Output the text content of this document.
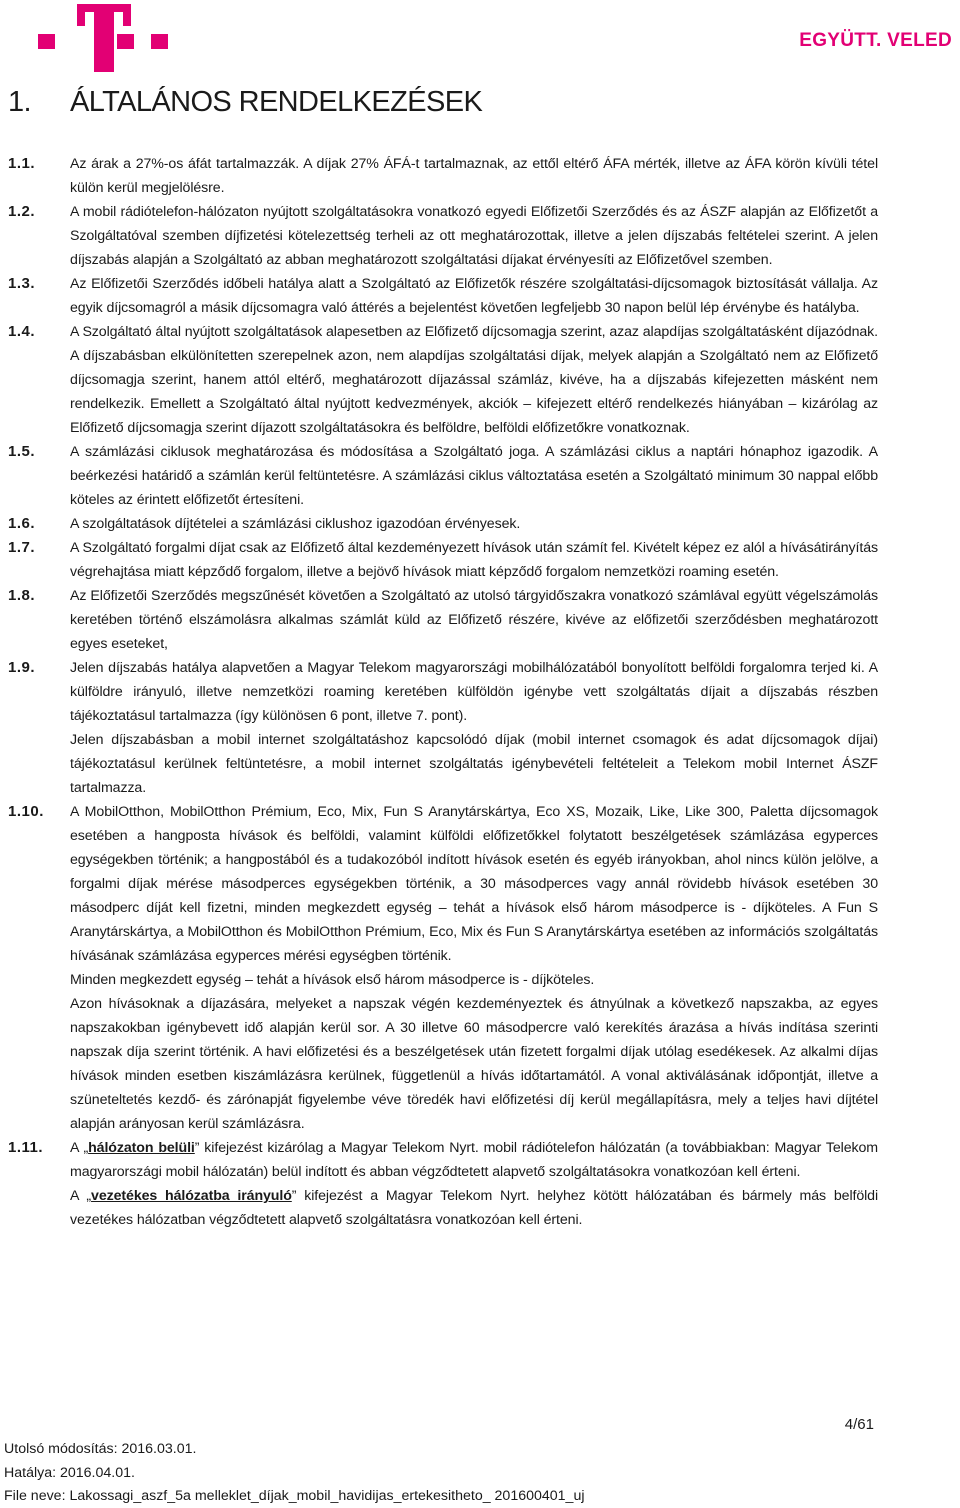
EGYÜTT. VELED
1. ÁLTALÁNOS RENDELKEZÉSEK
1.1.	Az árak a 27%-os áfát tartalmazzák. A díjak 27% ÁFÁ-t tartalmaznak, az ettől eltérő ÁFA mérték, illetve az ÁFA körön kívüli tétel külön kerül megjelölésre.

1.2.	A mobil rádiótelefon-hálózaton nyújtott szolgáltatásokra vonatkozó egyedi Előfizetői Szerződés és az ÁSZF alapján az Előfizetőt a Szolgáltatóval szemben díjfizetési kötelezettség terheli az ott meghatározottak, illetve a jelen díjszabás feltételei szerint. A jelen díjszabás alapján a Szolgáltató az abban meghatározott szolgáltatási díjakat érvényesíti az Előfizetővel szemben.

1.3.	Az Előfizetői Szerződés időbeli hatálya alatt a Szolgáltató az Előfizetők részére szolgáltatási-díjcsomagok biztosítását vállalja. Az egyik díjcsomagról a másik díjcsomagra való áttérés a bejelentést követően legfeljebb 30 napon belül lép érvénybe és hatályba.

1.4.	A Szolgáltató által nyújtott szolgáltatások alapesetben az Előfizető díjcsomagja szerint, azaz alapdíjas szolgáltatásként díjazódnak. A díjszabásban elkülönítetten szerepelnek azon, nem alapdíjas szolgáltatási díjak, melyek alapján a Szolgáltató nem az Előfizető díjcsomagja szerint, hanem attól eltérő, meghatározott díjazással számláz, kivéve, ha a díjszabás kifejezetten másként nem rendelkezik. Emellett a Szolgáltató által nyújtott kedvezmények, akciók – kifejezett eltérő rendelkezés hiányában – kizárólag az Előfizető díjcsomagja szerint díjazott szolgáltatásokra és belföldre, belföldi előfizetőkre vonatkoznak.

1.5.	A számlázási ciklusok meghatározása és módosítása a Szolgáltató joga. A számlázási ciklus a naptári hónaphoz igazodik. A beérkezési határidő a számlán kerül feltüntetésre. A számlázási ciklus változtatása esetén a Szolgáltató minimum 30 nappal előbb köteles az érintett előfizetőt értesíteni.

1.6.	A szolgáltatások díjtételei a számlázási ciklushoz igazodóan érvényesek.

1.7.	A Szolgáltató forgalmi díjat csak az Előfizető által kezdeményezett hívások után számít fel. Kivételt képez ez alól a hívásátirányítás végrehajtása miatt képződő forgalom, illetve a bejövő hívások miatt képződő forgalom nemzetközi roaming esetén.

1.8.	Az Előfizetői Szerződés megszűnését követően a Szolgáltató az utolsó tárgyidőszakra vonatkozó számlával együtt végelszámolás keretében történő elszámolásra alkalmas számlát küld az Előfizető részére, kivéve az előfizetői szerződésben meghatározott egyes eseteket,

1.9.	Jelen díjszabás hatálya alapvetően a Magyar Telekom magyarországi mobilhálózatából bonyolított belföldi forgalomra terjed ki. A külföldre irányuló, illetve nemzetközi roaming keretében külföldön igénybe vett szolgáltatás díjait a díjszabás részben tájékoztatásul tartalmazza (így különösen 6 pont, illetve 7. pont).

Jelen díjszabásban a mobil internet szolgáltatáshoz kapcsolódó díjak (mobil internet csomagok és adat díjcsomagok díjai) tájékoztatásul kerülnek feltüntetésre, a mobil internet szolgáltatás igénybevételi feltételeit a Telekom mobil Internet ÁSZF tartalmazza.

1.10.	A MobilOtthon, MobilOtthon Prémium, Eco, Mix, Fun S Aranytárskártya, Eco XS, Mozaik, Like, Like 300, Paletta díjcsomagok esetében a hangposta hívások és belföldi, valamint külföldi előfizetőkkel folytatott beszélgetések számlázása egyperces egységekben történik; a hangpostából és a tudakozóból indított hívások esetén és egyéb irányokban, ahol nincs külön jelölve, a forgalmi díjak mérése másodperces egységekben történik, a 30 másodperces vagy annál rövidebb hívások esetében 30 másodperc díját kell fizetni, minden megkezdett egység – tehát a hívások első három másodperce is - díjköteles. A Fun S Aranytárskártya, a MobilOtthon és MobilOtthon Prémium, Eco, Mix és Fun S Aranytárskártya esetében az információs szolgáltatás hívásának számlázása egyperces mérési egységben történik.

Minden megkezdett egység – tehát a hívások első három másodperce is - díjköteles.

Azon hívásoknak a díjazására, melyeket a napszak végén kezdeményeztek és átnyúlnak a következő napszakba, az egyes napszakokban igénybevett idő alapján kerül sor. A 30 illetve 60 másodpercre való kerekítés árazása a hívás indítása szerinti napszak díja szerint történik. A havi előfizetési és a beszélgetések után fizetett forgalmi díjak utólag esedékesek. Az alkalmi díjas hívások minden esetben kiszámlázásra kerülnek, függetlenül a hívás időtartamától. A vonal aktiválásának időpontját, illetve a szüneteltetés kezdő- és zárónapját figyelembe véve töredék havi előfizetési díj kerül megállapításra, mely a teljes havi díjtétel alapján arányosan kerül számlázásra.

1.11.	A „hálózaton belüli” kifejezést kizárólag a Magyar Telekom Nyrt. mobil rádiótelefon hálózatán (a továbbiakban: Magyar Telekom magyarországi mobil hálózatán) belül indított és abban végződtetett alapvető szolgáltatásokra vonatkozóan kell érteni.

A „vezetékes hálózatba irányuló” kifejezést a Magyar Telekom Nyrt. helyhez kötött hálózatában és bármely más belföldi vezetékes hálózatban végződtetett alapvető szolgáltatásra vonatkozóan kell érteni.

4/61
Utolsó módosítás: 2016.03.01.
Hatálya: 2016.04.01.
File neve: Lakossagi_aszf_5a melleklet_díjak_mobil_havidijas_ertekesitheto_ 201600401_uj
